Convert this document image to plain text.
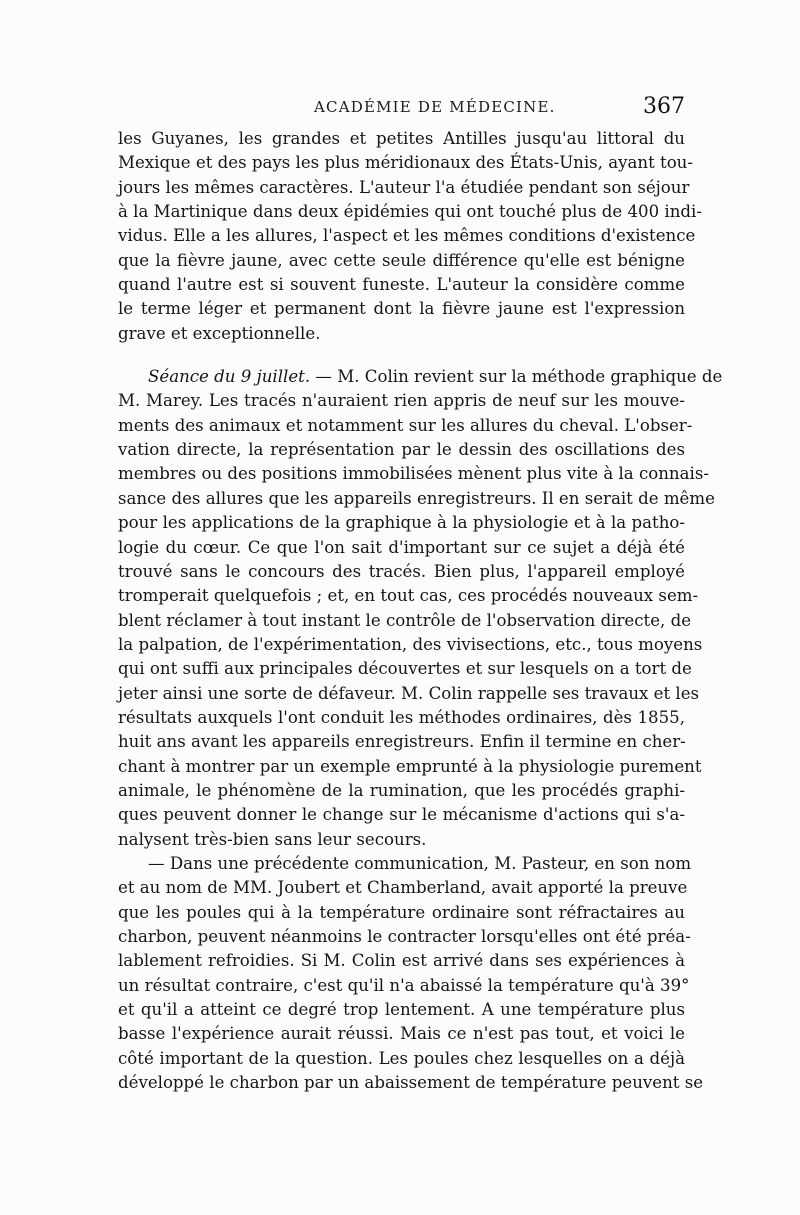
ACADÉMIE DE MÉDECINE.	367
les Guyanes, les grandes et petites Antilles jusqu'au littoral du
Mexique et des pays les plus méridionaux des États-Unis, ayant tou-
jours les mêmes caractères. L'auteur l'a étudiée pendant son séjour
à la Martinique dans deux épidémies qui ont touché plus de 400 indi-
vidus. Elle a les allures, l'aspect et les mêmes conditions d'existence
que la fièvre jaune, avec cette seule différence qu'elle est bénigne
quand l'autre est si souvent funeste. L'auteur la considère comme
le terme léger et permanent dont la fièvre jaune est l'expression
grave et exceptionnelle.
Séance du 9 juillet. — M. Colin revient sur la méthode graphique de
M. Marey. Les tracés n'auraient rien appris de neuf sur les mouve-
ments des animaux et notamment sur les allures du cheval. L'obser-
vation directe, la représentation par le dessin des oscillations des
membres ou des positions immobilisées mènent plus vite à la connais-
sance des allures que les appareils enregistreurs. Il en serait de même
pour les applications de la graphique à la physiologie et à la patho-
logie du cœur. Ce que l'on sait d'important sur ce sujet a déjà été
trouvé sans le concours des tracés. Bien plus, l'appareil employé
tromperait quelquefois ; et, en tout cas, ces procédés nouveaux sem-
blent réclamer à tout instant le contrôle de l'observation directe, de
la palpation, de l'expérimentation, des vivisections, etc., tous moyens
qui ont suffi aux principales découvertes et sur lesquels on a tort de
jeter ainsi une sorte de défaveur. M. Colin rappelle ses travaux et les
résultats auxquels l'ont conduit les méthodes ordinaires, dès 1855,
huit ans avant les appareils enregistreurs. Enfin il termine en cher-
chant à montrer par un exemple emprunté à la physiologie purement
animale, le phénomène de la rumination, que les procédés graphi-
ques peuvent donner le change sur le mécanisme d'actions qui s'a-
nalysent très-bien sans leur secours.
— Dans une précédente communication, M. Pasteur, en son nom
et au nom de MM. Joubert et Chamberland, avait apporté la preuve
que les poules qui à la température ordinaire sont réfractaires au
charbon, peuvent néanmoins le contracter lorsqu'elles ont été préa-
lablement refroidies. Si M. Colin est arrivé dans ses expériences à
un résultat contraire, c'est qu'il n'a abaissé la température qu'à 39°
et qu'il a atteint ce degré trop lentement. A une température plus
basse l'expérience aurait réussi. Mais ce n'est pas tout, et voici le
côté important de la question. Les poules chez lesquelles on a déjà
développé le charbon par un abaissement de température peuvent se
